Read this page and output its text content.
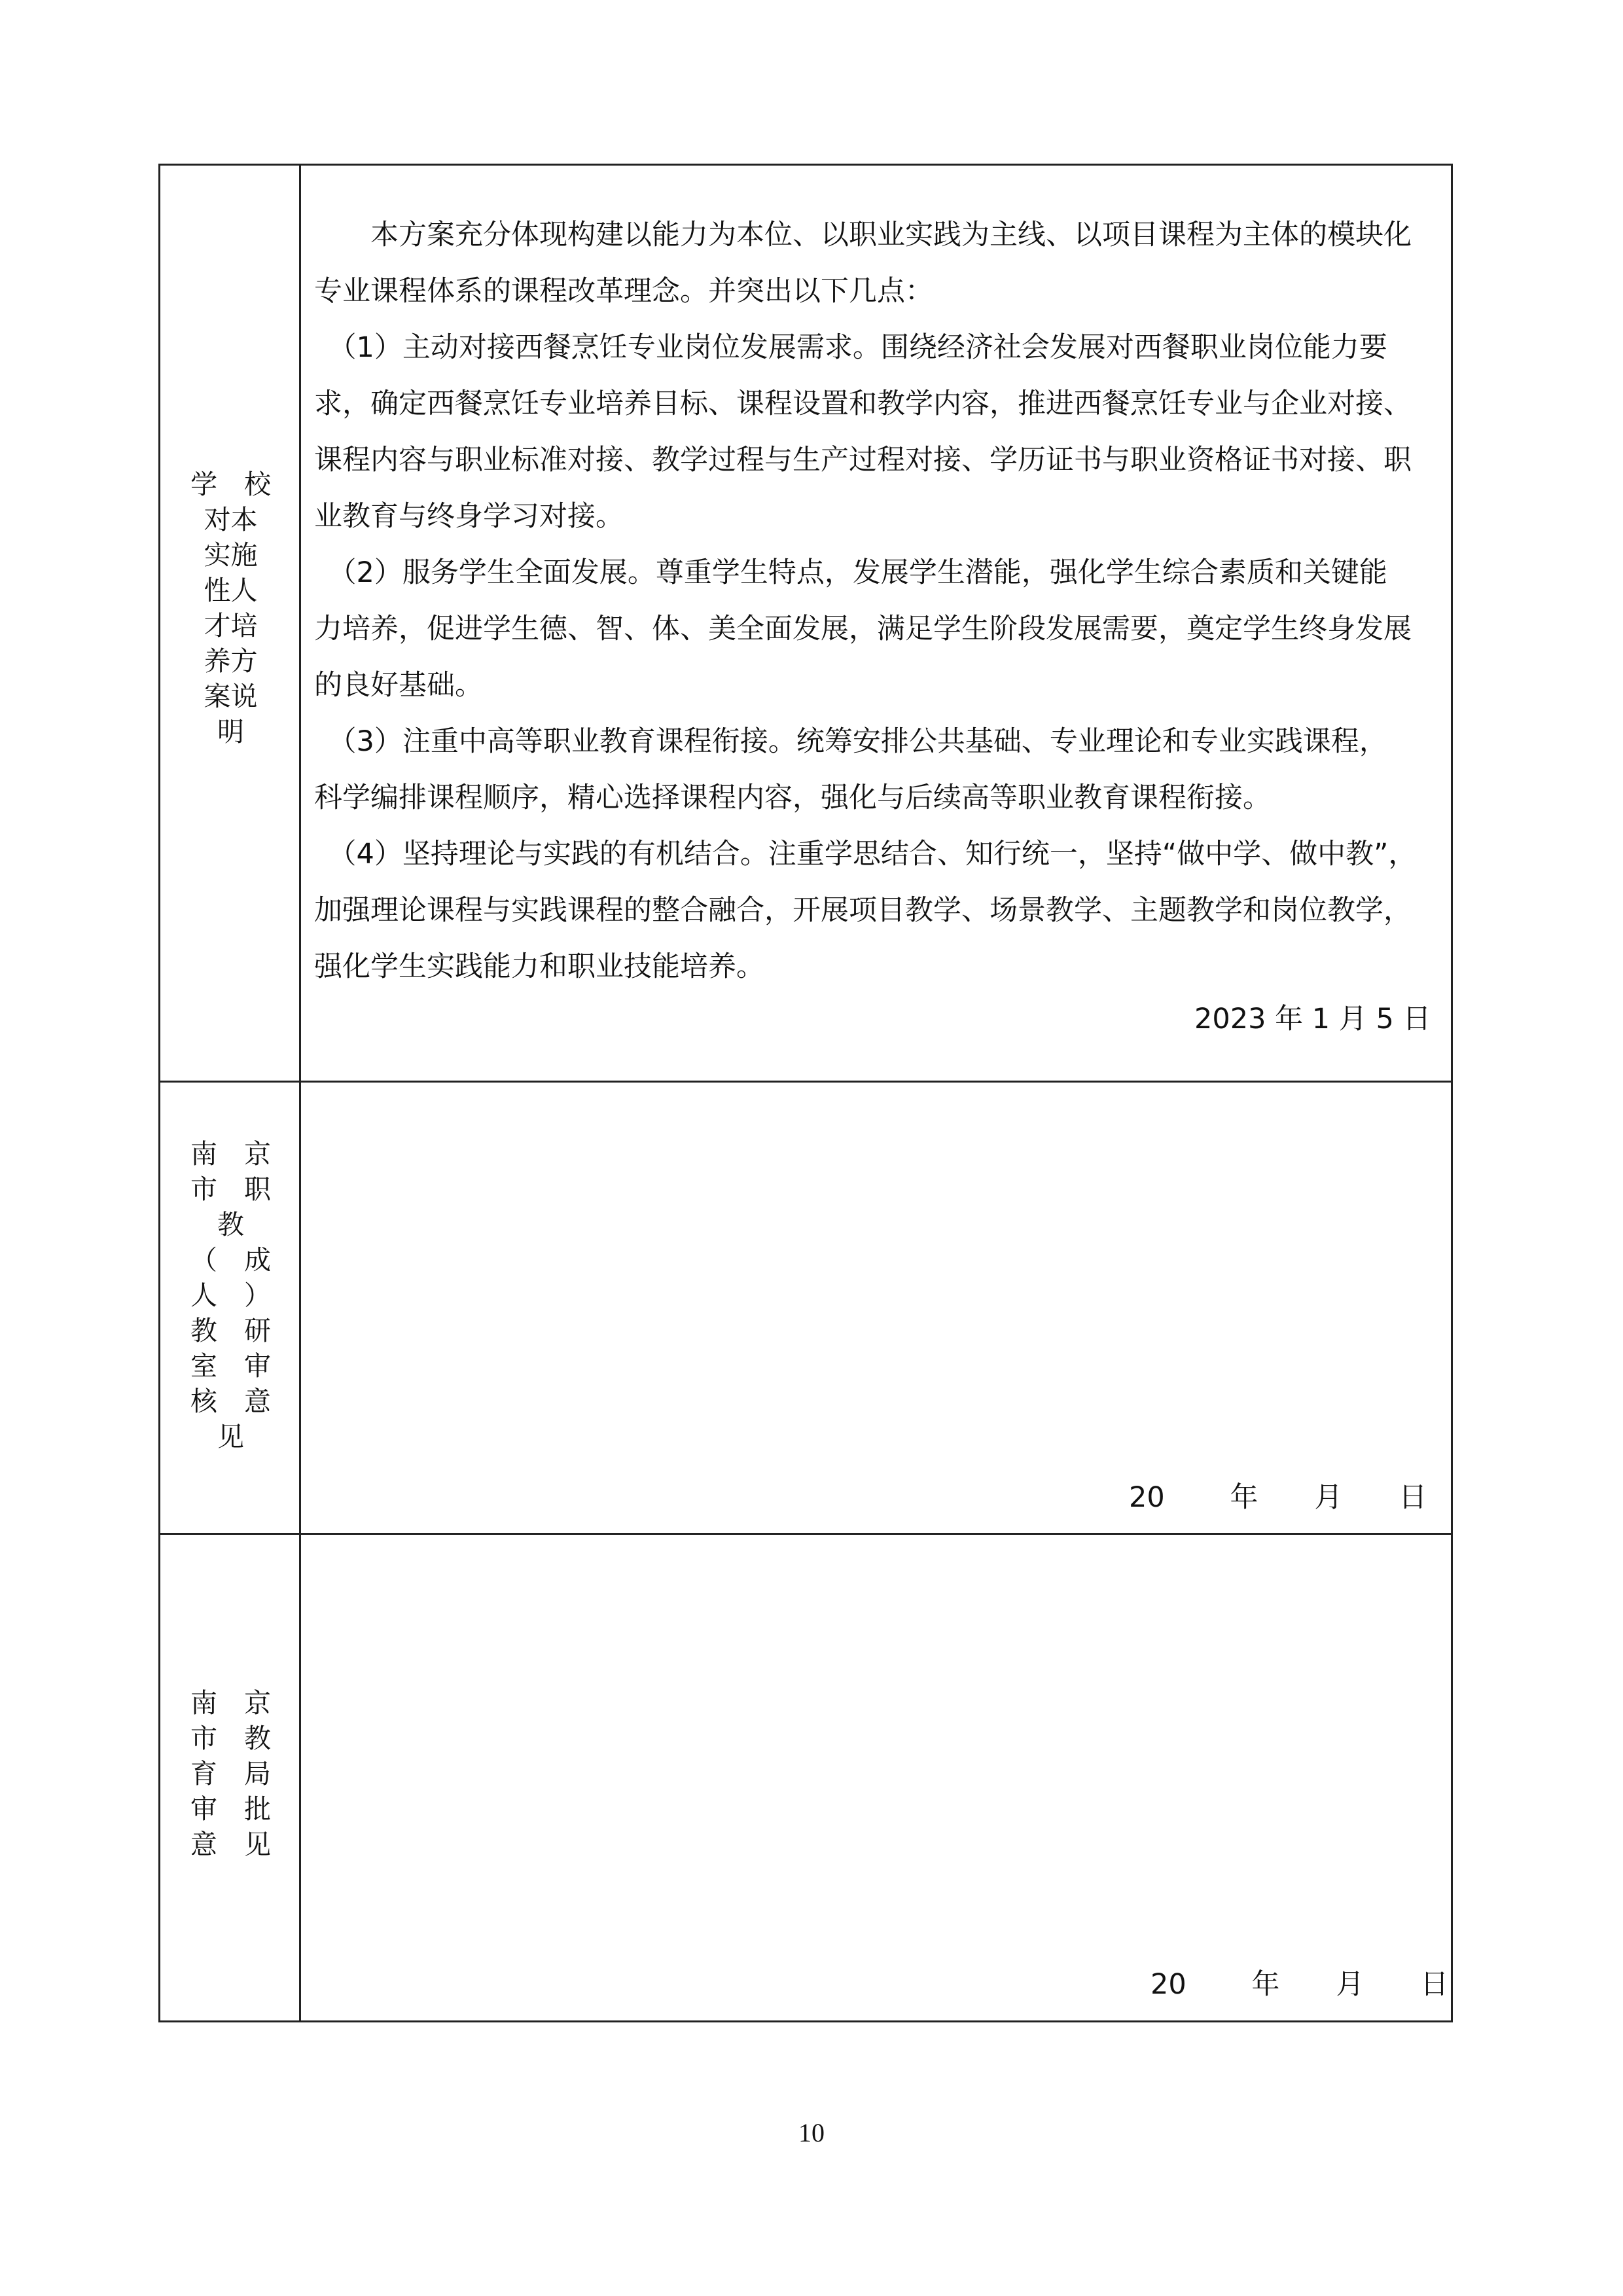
学　校
对本
实施
性人
才培
养方
案说
明
　　本方案充分体现构建以能力为本位、以职业实践为主线、以项目课程为主体的模块化
专业课程体系的课程改革理念。并突出以下几点：
　（1）主动对接西餐烹饪专业岗位发展需求。围绕经济社会发展对西餐职业岗位能力要
求，确定西餐烹饪专业培养目标、课程设置和教学内容，推进西餐烹饪专业与企业对接、
课程内容与职业标准对接、教学过程与生产过程对接、学历证书与职业资格证书对接、职
业教育与终身学习对接。
　（2）服务学生全面发展。尊重学生特点，发展学生潜能，强化学生综合素质和关键能
力培养，促进学生德、智、体、美全面发展，满足学生阶段发展需要，奠定学生终身发展
的良好基础。
　（3）注重中高等职业教育课程衔接。统筹安排公共基础、专业理论和专业实践课程，
科学编排课程顺序，精心选择课程内容，强化与后续高等职业教育课程衔接。
　（4）坚持理论与实践的有机结合。注重学思结合、知行统一，坚持“做中学、做中教”，
加强理论课程与实践课程的整合融合，开展项目教学、场景教学、主题教学和岗位教学，
强化学生实践能力和职业技能培养。
2023 年 1 月 5 日
南　京
市　职
教
（　成
人　）
教　研
室　审
核　意
见
20　　 年　　月　　日
南　京
市　教
育　局
审　批
意　见
20　　 年　　月　　日
10
